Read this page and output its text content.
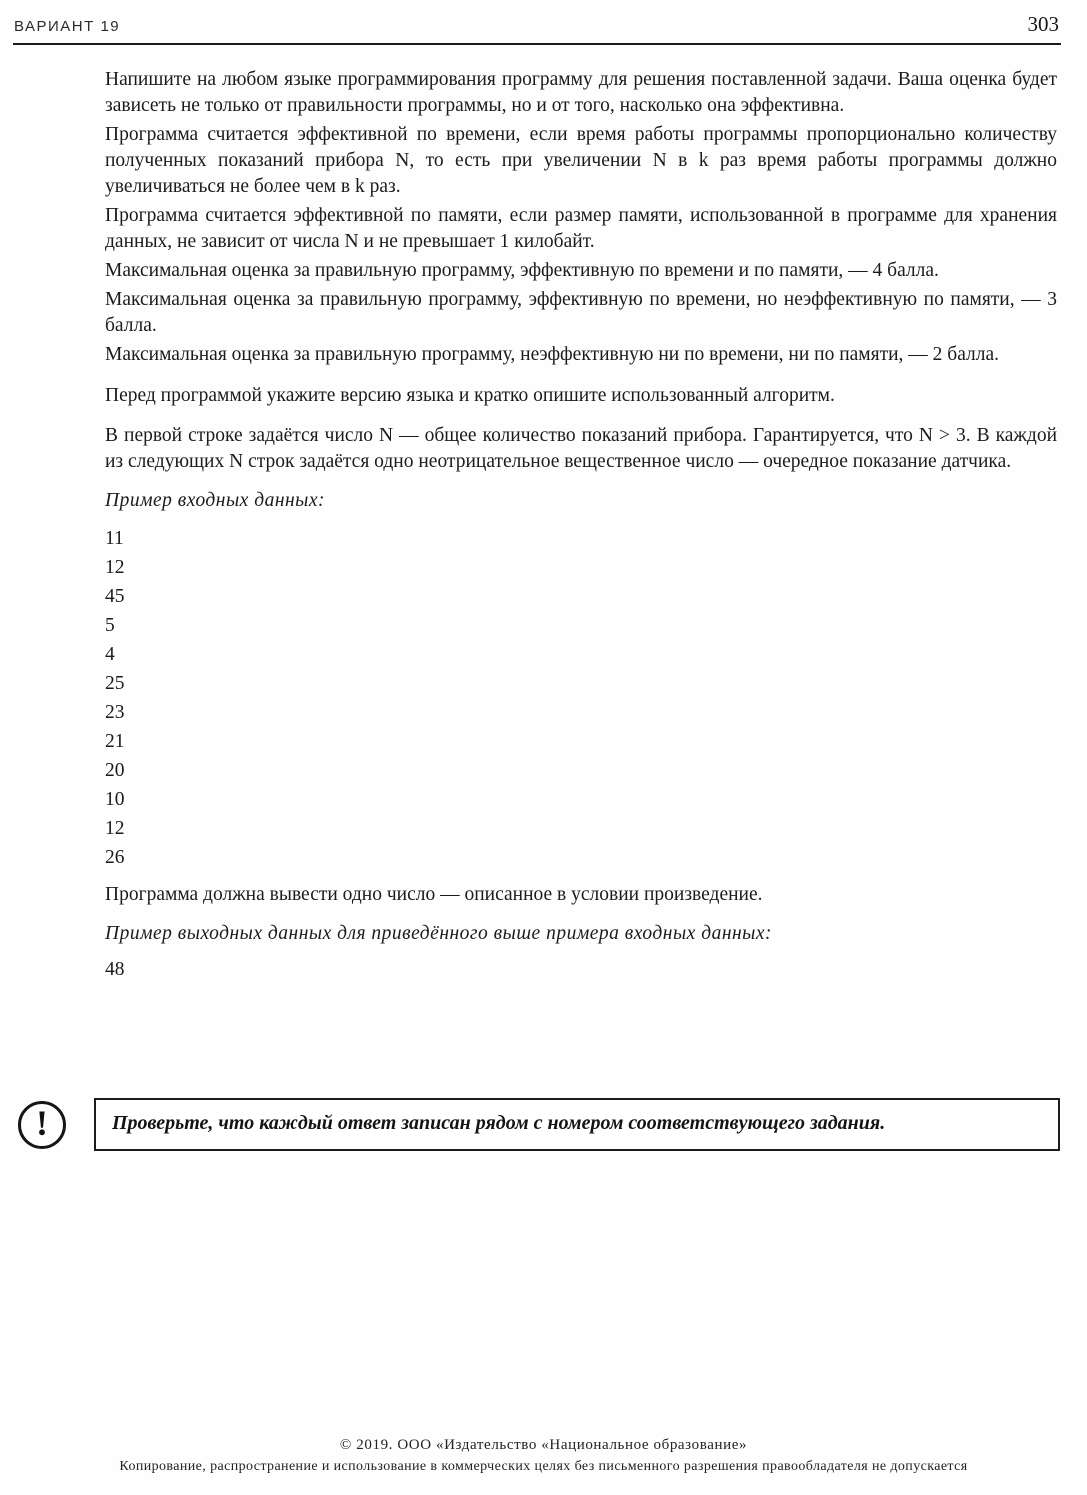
ВАРИАНТ 19	303

Напишите на любом языке программирования программу для решения поставленной задачи. Ваша оценка будет зависеть не только от правильности программы, но и от того, насколько она эффективна.

Программа считается эффективной по времени, если время работы программы пропорционально количеству полученных показаний прибора N, то есть при увеличении N в k раз время работы программы должно увеличиваться не более чем в k раз.

Программа считается эффективной по памяти, если размер памяти, использованной в программе для хранения данных, не зависит от числа N и не превышает 1 килобайт.

Максимальная оценка за правильную программу, эффективную по времени и по памяти, — 4 балла.

Максимальная оценка за правильную программу, эффективную по времени, но неэффективную по памяти, — 3 балла.

Максимальная оценка за правильную программу, неэффективную ни по времени, ни по памяти, — 2 балла.

Перед программой укажите версию языка и кратко опишите использованный алгоритм.

В первой строке задаётся число N — общее количество показаний прибора. Гарантируется, что N > 3. В каждой из следующих N строк задаётся одно неотрицательное вещественное число — очередное показание датчика.

Пример входных данных:

11
12
45
5
4
25
23
21
20
10
12
26

Программа должна вывести одно число — описанное в условии произведение.

Пример выходных данных для приведённого выше примера входных данных:

48

!	Проверьте, что каждый ответ записан рядом с номером соответствующего задания.

© 2019. ООО «Издательство «Национальное образование»
Копирование, распространение и использование в коммерческих целях без письменного разрешения правообладателя не допускается
